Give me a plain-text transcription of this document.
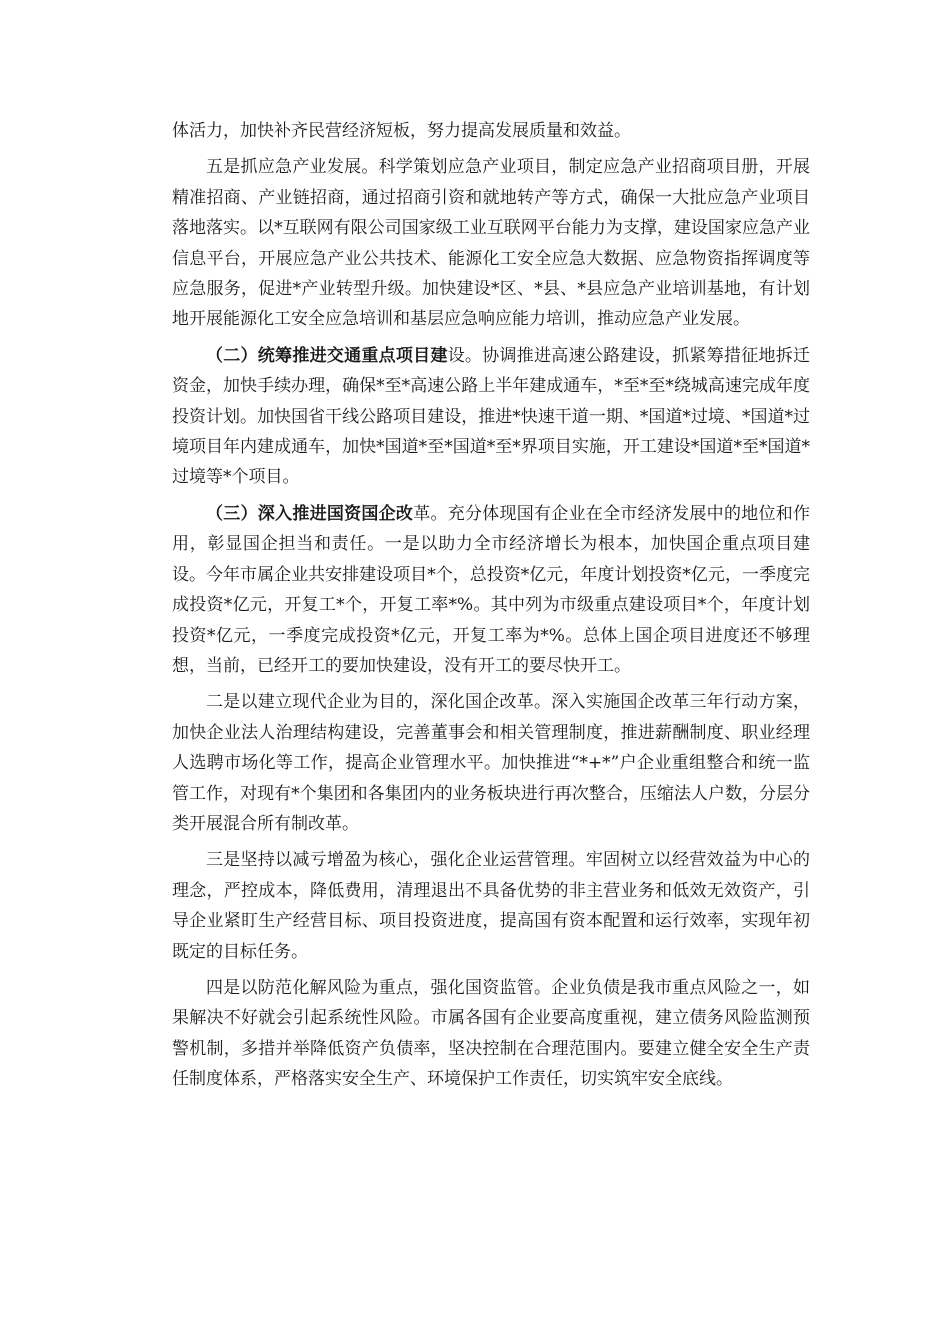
体活力，加快补齐民营经济短板，努力提高发展质量和效益。

五是抓应急产业发展。科学策划应急产业项目，制定应急产业招商项目册，开展精准招商、产业链招商，通过招商引资和就地转产等方式，确保一大批应急产业项目落地落实。以*互联网有限公司国家级工业互联网平台能力为支撑，建设国家应急产业信息平台，开展应急产业公共技术、能源化工安全应急大数据、应急物资指挥调度等应急服务，促进*产业转型升级。加快建设*区、*县、*县应急产业培训基地，有计划地开展能源化工安全应急培训和基层应急响应能力培训，推动应急产业发展。

（二）统筹推进交通重点项目建设。协调推进高速公路建设，抓紧筹措征地拆迁资金，加快手续办理，确保*至*高速公路上半年建成通车，*至*至*绕城高速完成年度投资计划。加快国省干线公路项目建设，推进*快速干道一期、*国道*过境、*国道*过境项目年内建成通车，加快*国道*至*国道*至*界项目实施，开工建设*国道*至*国道*过境等*个项目。

（三）深入推进国资国企改革。充分体现国有企业在全市经济发展中的地位和作用，彰显国企担当和责任。一是以助力全市经济增长为根本，加快国企重点项目建设。今年市属企业共安排建设项目*个，总投资*亿元，年度计划投资*亿元，一季度完成投资*亿元，开复工*个，开复工率*%。其中列为市级重点建设项目*个，年度计划投资*亿元，一季度完成投资*亿元，开复工率为*%。总体上国企项目进度还不够理想，当前，已经开工的要加快建设，没有开工的要尽快开工。

二是以建立现代企业为目的，深化国企改革。深入实施国企改革三年行动方案，加快企业法人治理结构建设，完善董事会和相关管理制度，推进薪酬制度、职业经理人选聘市场化等工作，提高企业管理水平。加快推进“*+*”户企业重组整合和统一监管工作，对现有*个集团和各集团内的业务板块进行再次整合，压缩法人户数，分层分类开展混合所有制改革。

三是坚持以减亏增盈为核心，强化企业运营管理。牢固树立以经营效益为中心的理念，严控成本，降低费用，清理退出不具备优势的非主营业务和低效无效资产，引导企业紧盯生产经营目标、项目投资进度，提高国有资本配置和运行效率，实现年初既定的目标任务。

四是以防范化解风险为重点，强化国资监管。企业负债是我市重点风险之一，如果解决不好就会引起系统性风险。市属各国有企业要高度重视，建立债务风险监测预警机制，多措并举降低资产负债率，坚决控制在合理范围内。要建立健全安全生产责任制度体系，严格落实安全生产、环境保护工作责任，切实筑牢安全底线。
